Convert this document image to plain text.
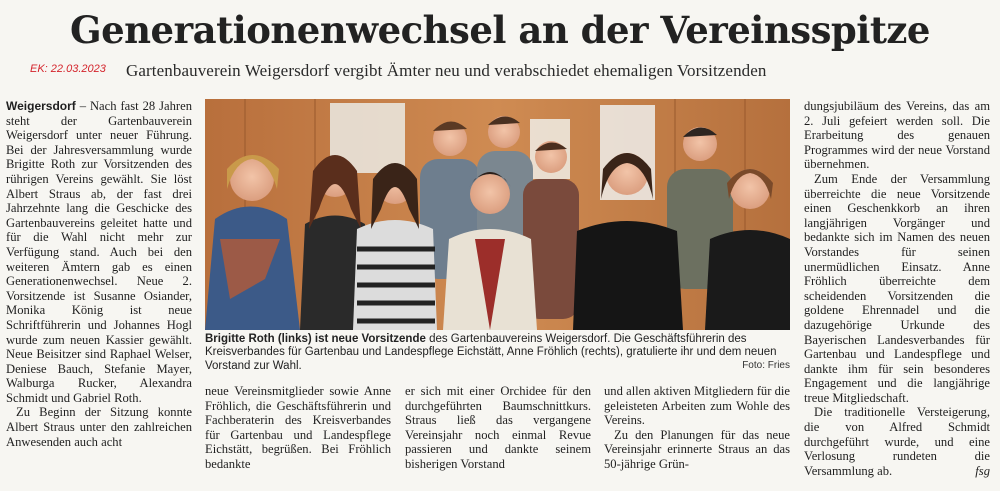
Generationenwechsel an der Vereinsspitze
EK: 22.03.2023 Gartenbauverein Weigersdorf vergibt Ämter neu und verabschiedet ehemaligen Vorsitzenden

Weigersdorf – Nach fast 28 Jahren steht der Gartenbauverein Weigersdorf unter neuer Führung. Bei der Jahresversammlung wurde Brigitte Roth zur Vorsitzenden des rührigen Vereins gewählt. Sie löst Albert Straus ab, der fast drei Jahrzehnte lang die Geschicke des Gartenbauvereins geleitet hatte und für die Wahl nicht mehr zur Verfügung stand. Auch bei den weiteren Ämtern gab es einen Generationenwechsel. Neue 2. Vorsitzende ist Susanne Osiander, Monika König ist neue Schriftführerin und Johannes Hogl wurde zum neuen Kassier gewählt. Neue Beisitzer sind Raphael Welser, Deniese Bauch, Stefanie Mayer, Walburga Rucker, Alexandra Schmidt und Gabriel Roth.

Zu Beginn der Sitzung konnte Albert Straus unter den zahlreichen Anwesenden auch acht

Brigitte Roth (links) ist neue Vorsitzende des Gartenbauvereins Weigersdorf. Die Geschäftsführerin des Kreisverbandes für Gartenbau und Landespflege Eichstätt, Anne Fröhlich (rechts), gratulierte ihr und dem neuen Vorstand zur Wahl.	Foto: Fries

neue Vereinsmitglieder sowie Anne Fröhlich, die Geschäftsführerin und Fachberaterin des Kreisverbandes für Gartenbau und Landespflege Eichstätt, begrüßen. Bei Fröhlich bedankte

er sich mit einer Orchidee für den durchgeführten Baumschnittkurs. Straus ließ das vergangene Vereinsjahr noch einmal Revue passieren und dankte seinem bisherigen Vorstand

und allen aktiven Mitgliedern für die geleisteten Arbeiten zum Wohle des Vereins.

Zu den Planungen für das neue Vereinsjahr erinnerte Straus an das 50-jährige Grün-

dungsjubiläum des Vereins, das am 2. Juli gefeiert werden soll. Die Erarbeitung des genauen Programmes wird der neue Vorstand übernehmen.

Zum Ende der Versammlung überreichte die neue Vorsitzende einen Geschenkkorb an ihren langjährigen Vorgänger und bedankte sich im Namen des neuen Vorstandes für seinen unermüdlichen Einsatz. Anne Fröhlich überreichte dem scheidenden Vorsitzenden die goldene Ehrennadel und die dazugehörige Urkunde des Bayerischen Landesverbandes für Gartenbau und Landespflege und dankte ihm für sein besonderes Engagement und die langjährige treue Mitgliedschaft.

Die traditionelle Versteigerung, die von Alfred Schmidt durchgeführt wurde, und eine Verlosung rundeten die Versammlung ab.	fsg
